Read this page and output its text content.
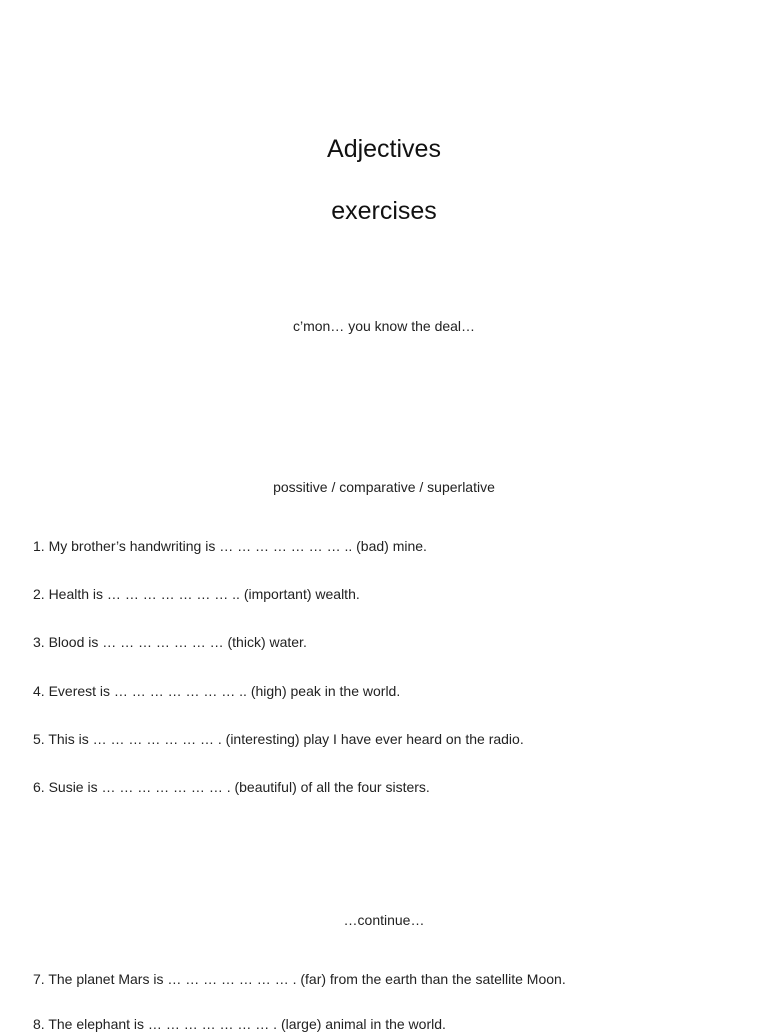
Adjectives
exercises
c’mon… you know the deal…
possitive / comparative / superlative
1. My brother’s handwriting is … … … … … … … .. (bad) mine.
2. Health is … … … … … … … .. (important) wealth.
3. Blood is … … … … … … … (thick) water.
4. Everest is … … … … … … … .. (high) peak in the world.
5. This is … … … … … … … . (interesting) play I have ever heard on the radio.
6. Susie is … … … … … … … . (beautiful) of all the four sisters.
…continue…
7. The planet Mars is … … … … … … … . (far) from the earth than the satellite Moon.
8. The elephant is … … … … … … … . (large) animal in the world.
